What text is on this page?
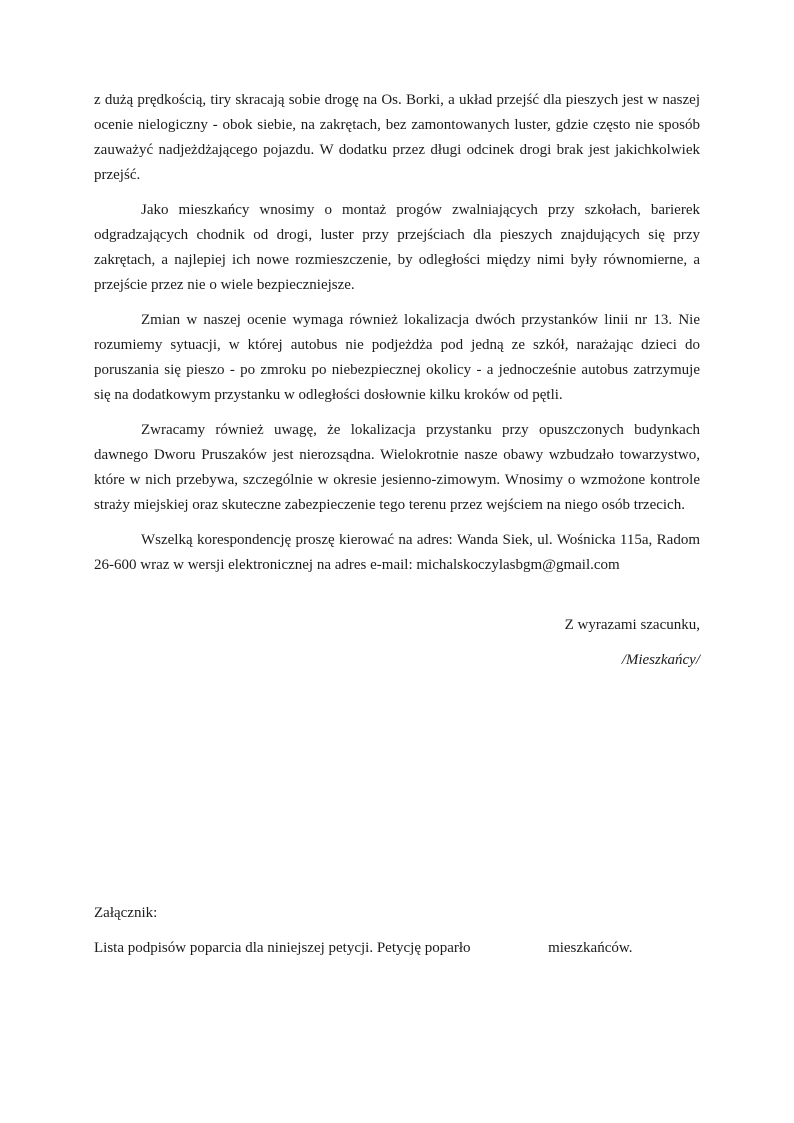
z dużą prędkością, tiry skracają sobie drogę na Os. Borki, a układ przejść dla pieszych jest w naszej ocenie nielogiczny - obok siebie, na zakrętach, bez zamontowanych luster, gdzie często nie sposób zauważyć nadjeżdżającego pojazdu. W dodatku przez długi odcinek drogi brak jest jakichkolwiek przejść.

Jako mieszkańcy wnosimy o montaż progów zwalniających przy szkołach, barierek odgradzających chodnik od drogi, luster przy przejściach dla pieszych znajdujących się przy zakrętach, a najlepiej ich nowe rozmieszczenie, by odległości między nimi były równomierne, a przejście przez nie o wiele bezpieczniejsze.

Zmian w naszej ocenie wymaga również lokalizacja dwóch przystanków linii nr 13. Nie rozumiemy sytuacji, w której autobus nie podjeżdża pod jedną ze szkół, narażając dzieci do poruszania się pieszo - po zmroku po niebezpiecznej okolicy - a jednocześnie autobus zatrzymuje się na dodatkowym przystanku w odległości dosłownie kilku kroków od pętli.

Zwracamy również uwagę, że lokalizacja przystanku przy opuszczonych budynkach dawnego Dworu Pruszaków jest nierozsądna. Wielokrotnie nasze obawy wzbudzało towarzystwo, które w nich przebywa, szczególnie w okresie jesienno-zimowym. Wnosimy o wzmożone kontrole straży miejskiej oraz skuteczne zabezpieczenie tego terenu przez wejściem na niego osób trzecich.

Wszelką korespondencję proszę kierować na adres: Wanda Siek, ul. Wośnicka 115a, Radom 26-600 wraz w wersji elektronicznej na adres e-mail: michalskoczylasbgm@gmail.com

Z wyrazami szacunku,

/Mieszkańcy/

Załącznik:

Lista podpisów poparcia dla niniejszej petycji. Petycję poparło	mieszkańców.
